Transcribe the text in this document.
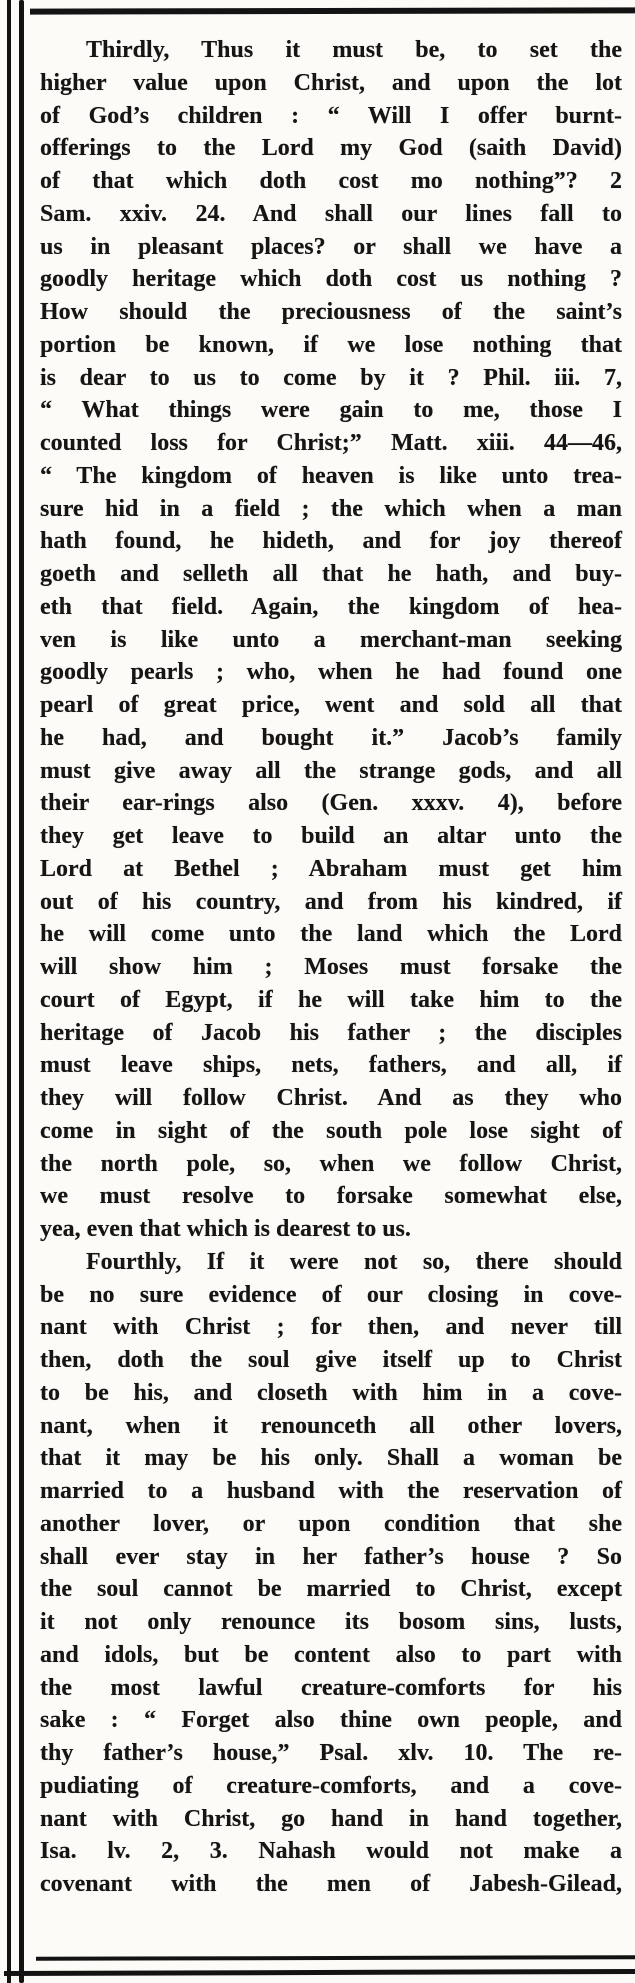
Thirdly, Thus it must be, to set the
higher value upon Christ, and upon the lot
of God’s children : “ Will I offer burnt-
offerings to the Lord my God (saith David)
of that which doth cost mo nothing”? 2
Sam. xxiv. 24. And shall our lines fall to
us in pleasant places? or shall we have a
goodly heritage which doth cost us nothing ?
How should the preciousness of the saint’s
portion be known, if we lose nothing that
is dear to us to come by it ? Phil. iii. 7,
“ What things were gain to me, those I
counted loss for Christ;” Matt. xiii. 44—46,
“ The kingdom of heaven is like unto trea-
sure hid in a field ; the which when a man
hath found, he hideth, and for joy thereof
goeth and selleth all that he hath, and buy-
eth that field. Again, the kingdom of hea-
ven is like unto a merchant-man seeking
goodly pearls ; who, when he had found one
pearl of great price, went and sold all that
he had, and bought it.” Jacob’s family
must give away all the strange gods, and all
their ear-rings also (Gen. xxxv. 4), before
they get leave to build an altar unto the
Lord at Bethel ; Abraham must get him
out of his country, and from his kindred, if
he will come unto the land which the Lord
will show him ; Moses must forsake the
court of Egypt, if he will take him to the
heritage of Jacob his father ; the disciples
must leave ships, nets, fathers, and all, if
they will follow Christ. And as they who
come in sight of the south pole lose sight of
the north pole, so, when we follow Christ,
we must resolve to forsake somewhat else,
yea, even that which is dearest to us.
Fourthly, If it were not so, there should
be no sure evidence of our closing in cove-
nant with Christ ; for then, and never till
then, doth the soul give itself up to Christ
to be his, and closeth with him in a cove-
nant, when it renounceth all other lovers,
that it may be his only. Shall a woman be
married to a husband with the reservation of
another lover, or upon condition that she
shall ever stay in her father’s house ? So
the soul cannot be married to Christ, except
it not only renounce its bosom sins, lusts,
and idols, but be content also to part with
the most lawful creature-comforts for his
sake : “ Forget also thine own people, and
thy father’s house,” Psal. xlv. 10. The re-
pudiating of creature-comforts, and a cove-
nant with Christ, go hand in hand together,
Isa. lv. 2, 3. Nahash would not make a
covenant with the men of Jabesh-Gilead,
